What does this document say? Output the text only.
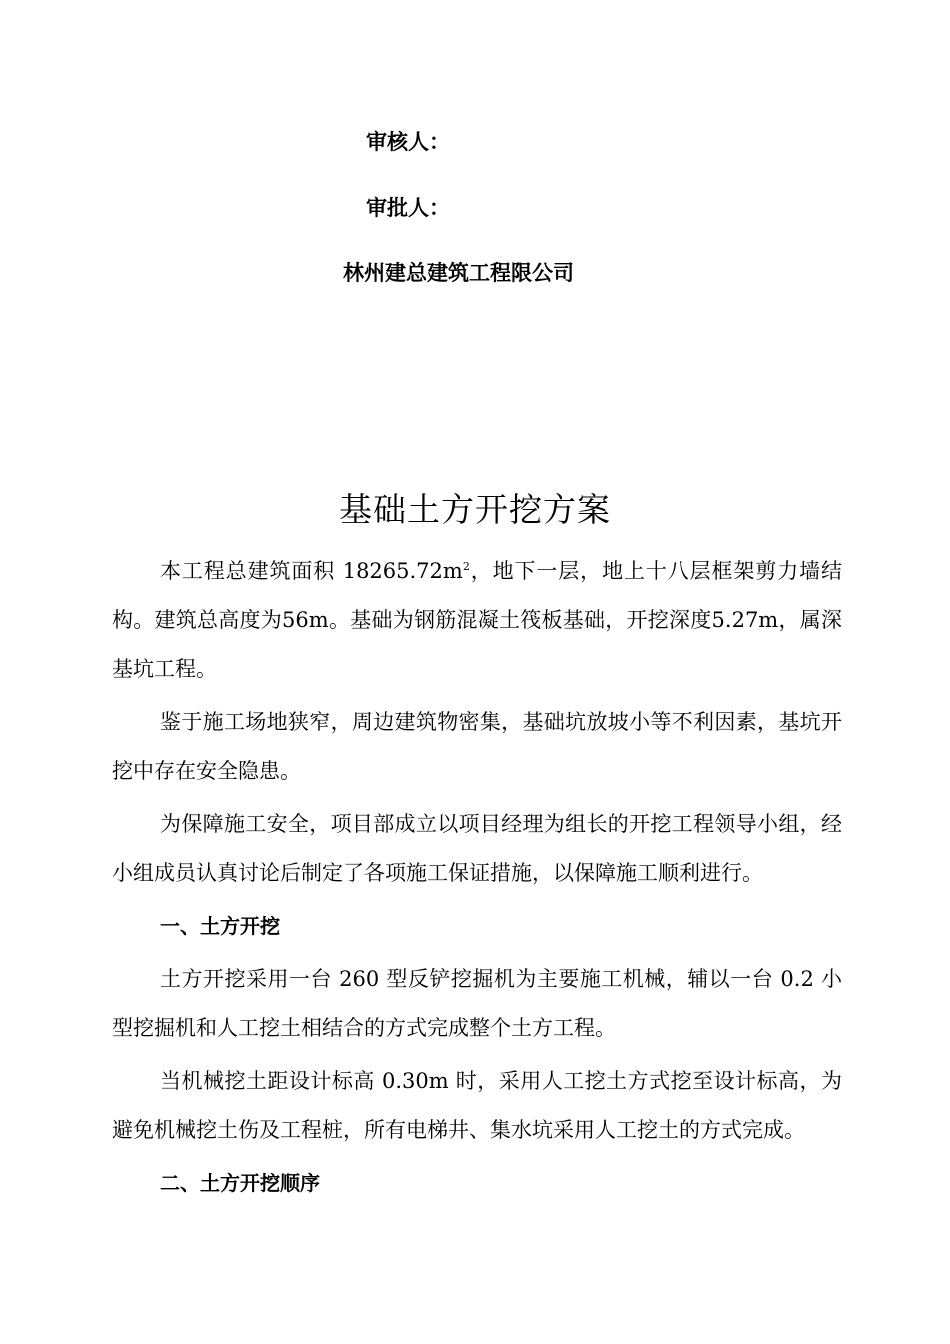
审核人：
审批人：
林州建总建筑工程限公司
基础土方开挖方案

本工程总建筑面积 $18265.72m^2$，地下一层，地上十八层框架剪力墙结构。建筑总高度为56m。基础为钢筋混凝土筏板基础，开挖深度5.27m，属深基坑工程。

鉴于施工场地狭窄，周边建筑物密集，基础坑放坡小等不利因素，基坑开挖中存在安全隐患。

为保障施工安全，项目部成立以项目经理为组长的开挖工程领导小组，经小组成员认真讨论后制定了各项施工保证措施，以保障施工顺利进行。

一、土方开挖

土方开挖采用一台 260 型反铲挖掘机为主要施工机械，辅以一台 0.2 小型挖掘机和人工挖土相结合的方式完成整个土方工程。

当机械挖土距设计标高 0.30m 时，采用人工挖土方式挖至设计标高，为避免机械挖土伤及工程桩，所有电梯井、集水坑采用人工挖土的方式完成。

二、土方开挖顺序
